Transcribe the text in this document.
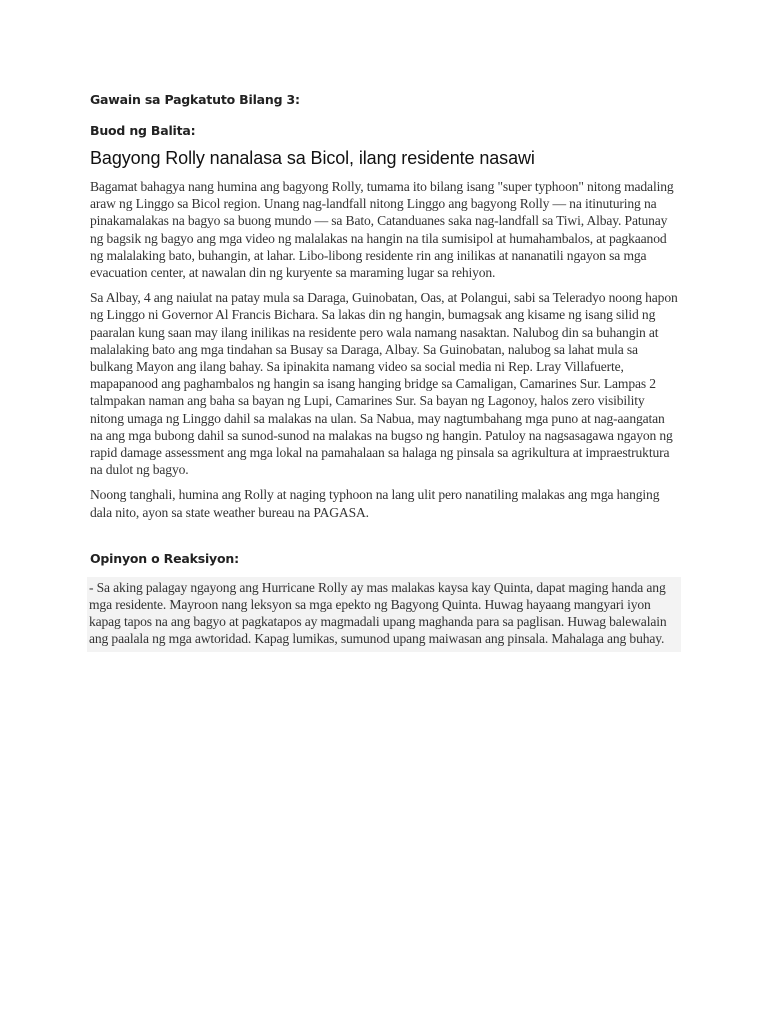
Gawain sa Pagkatuto Bilang 3:

Buod ng Balita:

Bagyong Rolly nanalasa sa Bicol, ilang residente nasawi

Bagamat bahagya nang humina ang bagyong Rolly, tumama ito bilang isang "super typhoon" nitong madaling araw ng Linggo sa Bicol region. Unang nag-landfall nitong Linggo ang bagyong Rolly — na itinuturing na pinakamalakas na bagyo sa buong mundo — sa Bato, Catanduanes saka nag-landfall sa Tiwi, Albay. Patunay ng bagsik ng bagyo ang mga video ng malalakas na hangin na tila sumisipol at humahambalos, at pagkaanod ng malalaking bato, buhangin, at lahar. Libo-libong residente rin ang inilikas at nananatili ngayon sa mga evacuation center, at nawalan din ng kuryente sa maraming lugar sa rehiyon.

Sa Albay, 4 ang naiulat na patay mula sa Daraga, Guinobatan, Oas, at Polangui, sabi sa Teleradyo noong hapon ng Linggo ni Governor Al Francis Bichara. Sa lakas din ng hangin, bumagsak ang kisame ng isang silid ng paaralan kung saan may ilang inilikas na residente pero wala namang nasaktan. Nalubog din sa buhangin at malalaking bato ang mga tindahan sa Busay sa Daraga, Albay. Sa Guinobatan, nalubog sa lahat mula sa bulkang Mayon ang ilang bahay. Sa ipinakita namang video sa social media ni Rep. Lray Villafuerte, mapapanood ang paghambalos ng hangin sa isang hanging bridge sa Camaligan, Camarines Sur. Lampas 2 talmpakan naman ang baha sa bayan ng Lupi, Camarines Sur. Sa bayan ng Lagonoy, halos zero visibility nitong umaga ng Linggo dahil sa malakas na ulan. Sa Nabua, may nagtumbahang mga puno at nag-aangatan na ang mga bubong dahil sa sunod-sunod na malakas na bugso ng hangin. Patuloy na nagsasagawa ngayon ng rapid damage assessment ang mga lokal na pamahalaan sa halaga ng pinsala sa agrikultura at impraestruktura na dulot ng bagyo.

Noong tanghali, humina ang Rolly at naging typhoon na lang ulit pero nanatiling malakas ang mga hanging dala nito, ayon sa state weather bureau na PAGASA.

Opinyon o Reaksiyon:

- Sa aking palagay ngayong ang Hurricane Rolly ay mas malakas kaysa kay Quinta, dapat maging handa ang mga residente. Mayroon nang leksyon sa mga epekto ng Bagyong Quinta. Huwag hayaang mangyari iyon kapag tapos na ang bagyo at pagkatapos ay magmadali upang maghanda para sa paglisan. Huwag balewalain ang paalala ng mga awtoridad. Kapag lumikas, sumunod upang maiwasan ang pinsala. Mahalaga ang buhay.
